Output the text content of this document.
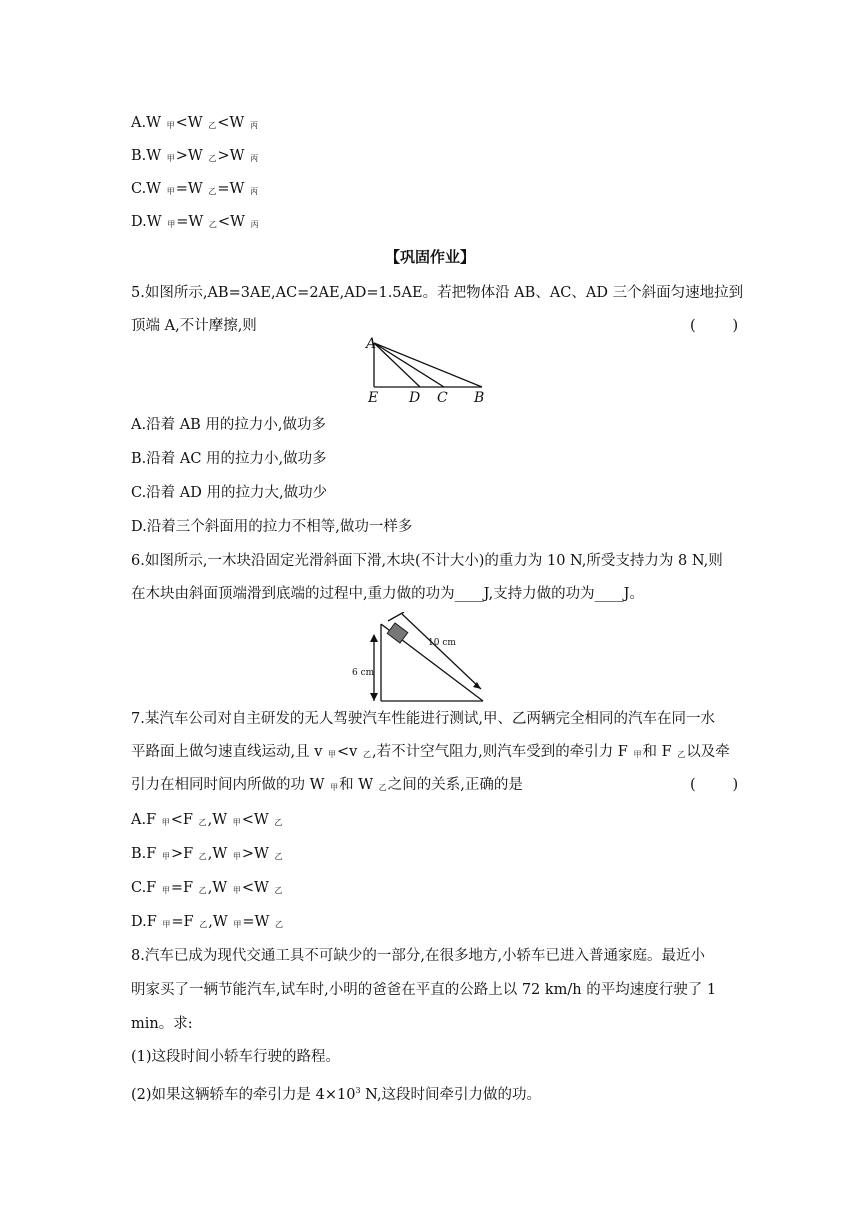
A.W 甲<W 乙<W 丙
B.W 甲>W 乙>W 丙
C.W 甲=W 乙=W 丙
D.W 甲=W 乙<W 丙
【巩固作业】
5.如图所示,AB=3AE,AC=2AE,AD=1.5AE。若把物体沿 AB、AC、AD 三个斜面匀速地拉到
顶端 A,不计摩擦,则	(        )
A
E D C B
A.沿着 AB 用的拉力小,做功多
B.沿着 AC 用的拉力小,做功多
C.沿着 AD 用的拉力大,做功少
D.沿着三个斜面用的拉力不相等,做功一样多
6.如图所示,一木块沿固定光滑斜面下滑,木块(不计大小)的重力为 10 N,所受支持力为 8 N,则
在木块由斜面顶端滑到底端的过程中,重力做的功为____J,支持力做的功为____J。
10 cm
6 cm
7.某汽车公司对自主研发的无人驾驶汽车性能进行测试,甲、乙两辆完全相同的汽车在同一水
平路面上做匀速直线运动,且 v 甲<v 乙,若不计空气阻力,则汽车受到的牵引力 F 甲和 F 乙以及牵
引力在相同时间内所做的功 W 甲和 W 乙之间的关系,正确的是	(        )
A.F 甲<F 乙,W 甲<W 乙
B.F 甲>F 乙,W 甲>W 乙
C.F 甲=F 乙,W 甲<W 乙
D.F 甲=F 乙,W 甲=W 乙
8.汽车已成为现代交通工具不可缺少的一部分,在很多地方,小轿车已进入普通家庭。最近小
明家买了一辆节能汽车,试车时,小明的爸爸在平直的公路上以 72 km/h 的平均速度行驶了 1
min。求:
(1)这段时间小轿车行驶的路程。
(2)如果这辆轿车的牵引力是 $4\times 10^3$ N,这段时间牵引力做的功。
